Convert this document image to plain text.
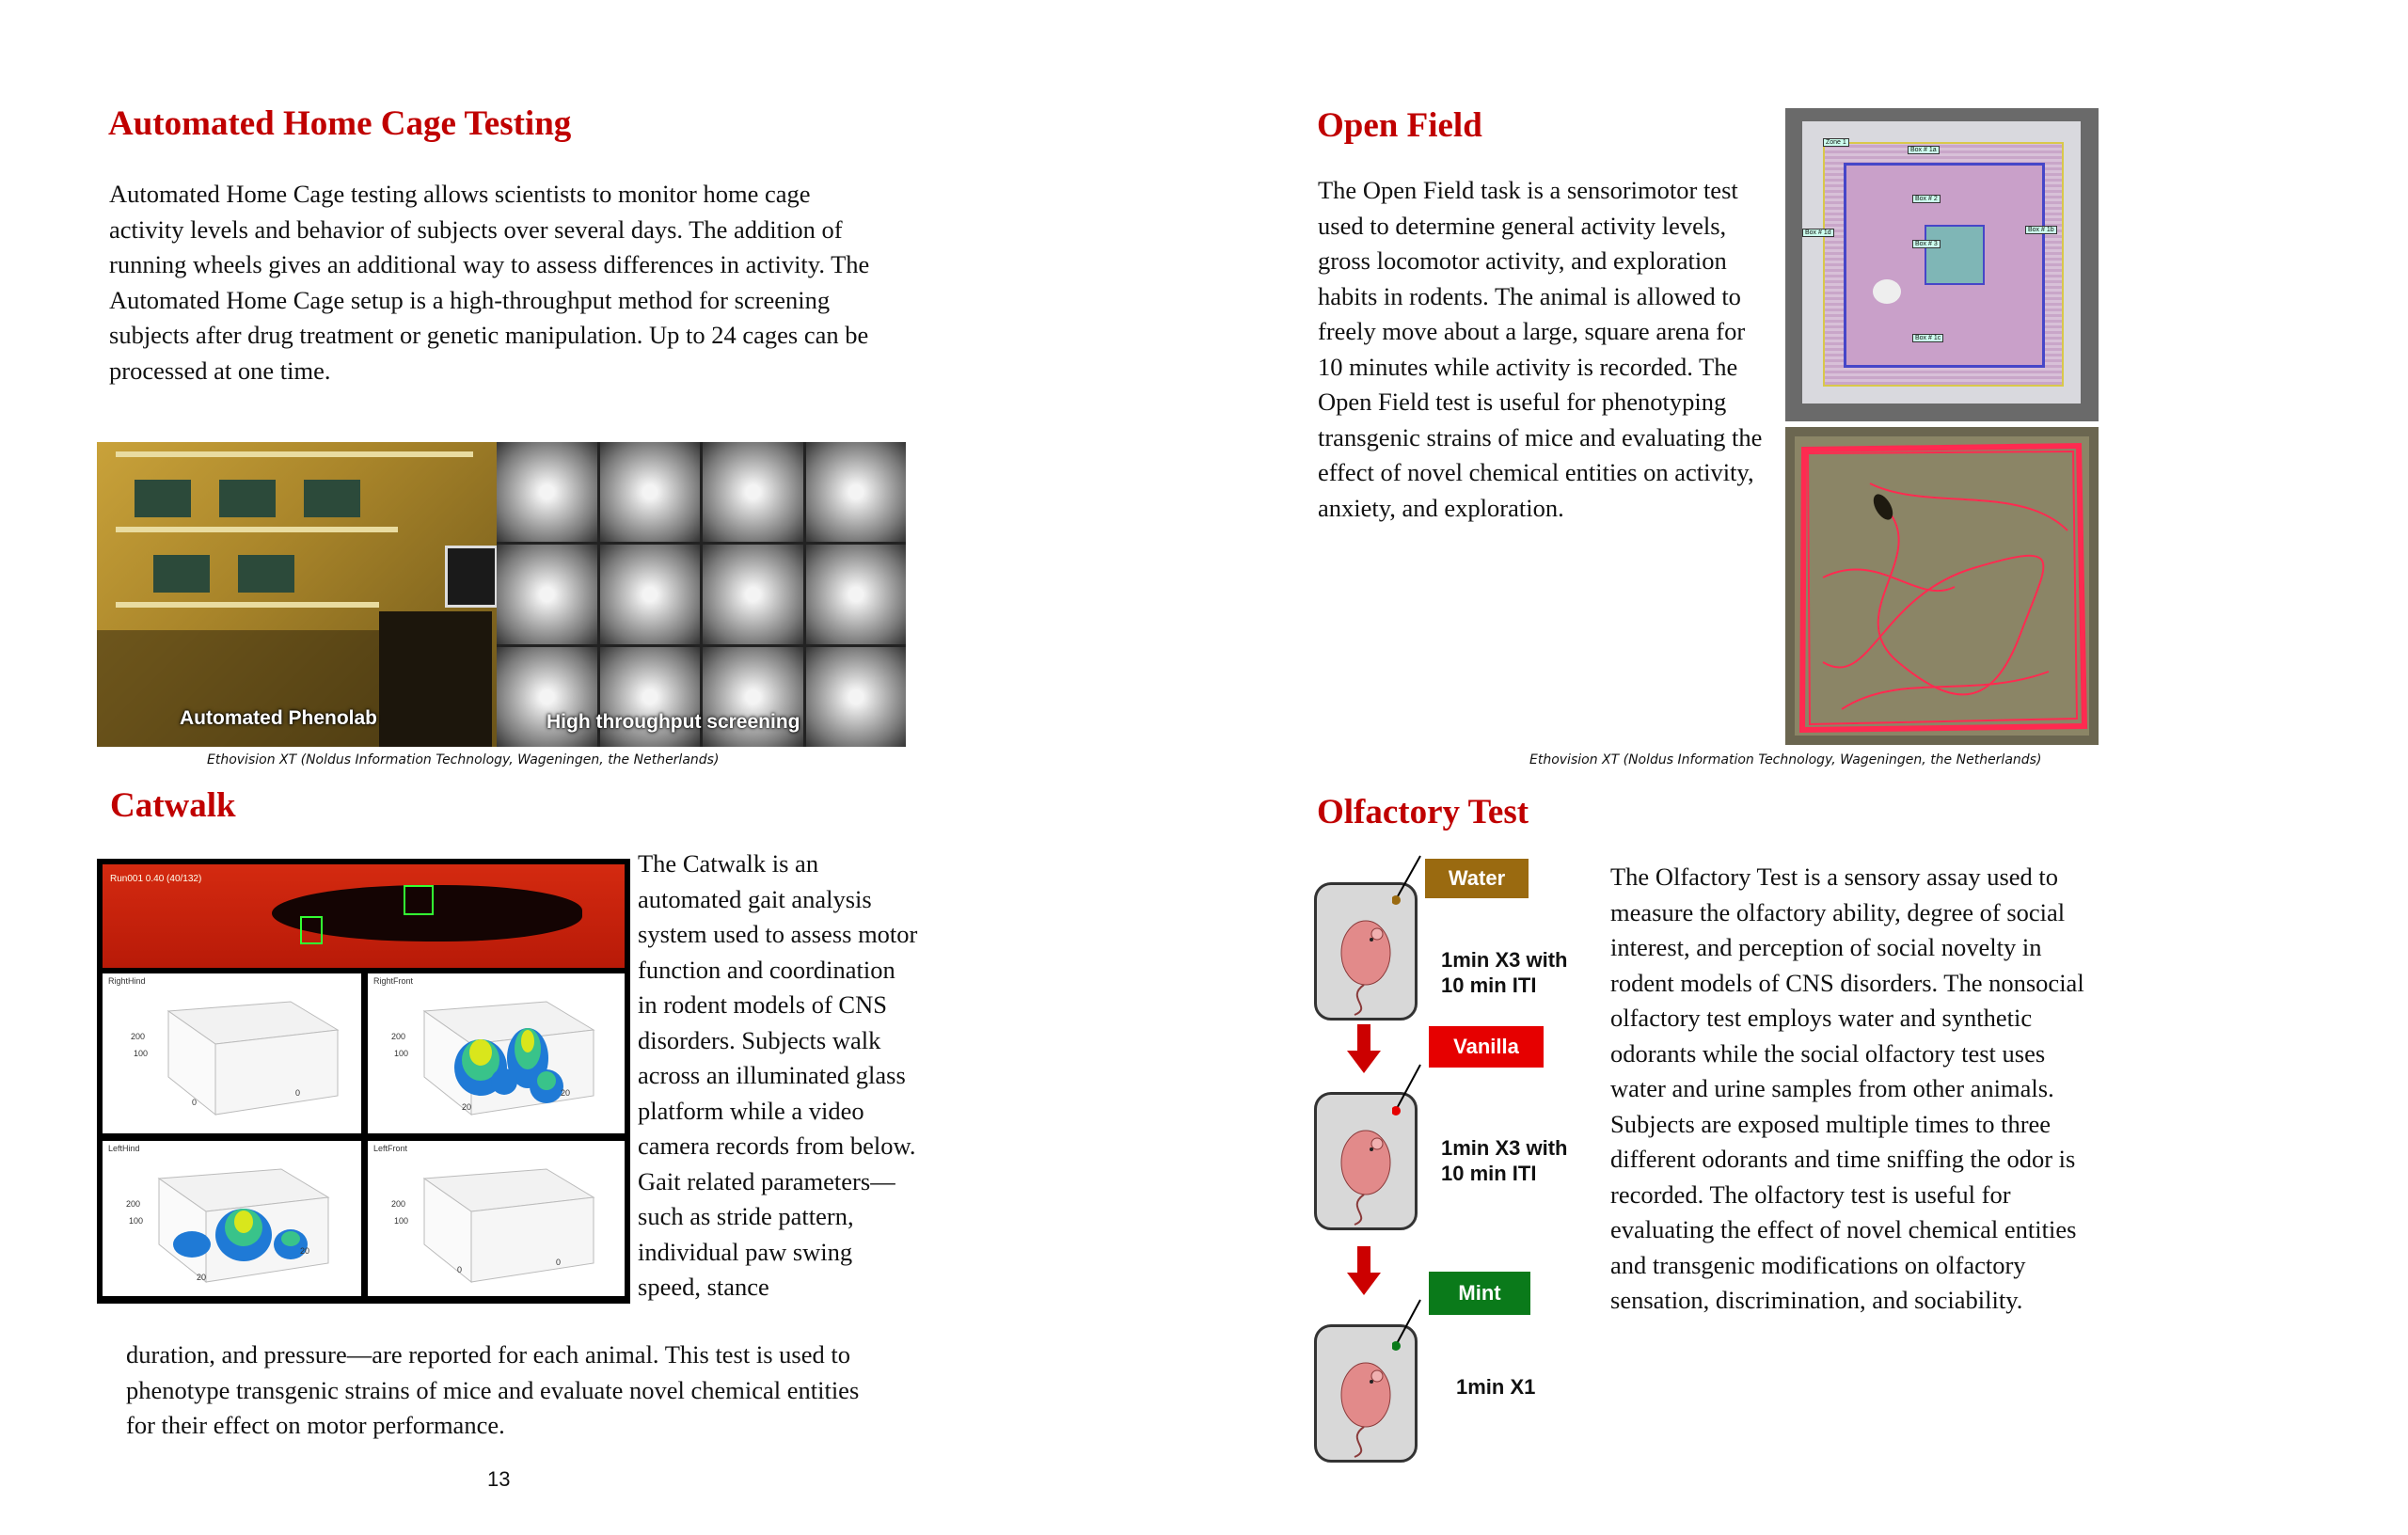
Automated Home Cage Testing
Automated Home Cage testing allows scientists to monitor home cage activity levels and behavior of subjects over several days. The addition of running wheels gives an additional way to assess differences in activity. The Automated Home Cage setup is a high-throughput method for screening subjects after drug treatment or genetic manipulation. Up to 24 cages can be processed at one time.
Automated Phenolab	High throughput screening
Ethovision XT (Noldus Information Technology, Wageningen, the Netherlands)
Catwalk
Run001 0.40 (40/132)
RightHind
200
100
0
0
RightFront
200
100
20
20
LeftHind
200
100
20
20
LeftFront
200
100
0
0
The Catwalk is an automated gait analysis system used to assess motor function and coordination in rodent models of CNS disorders. Subjects walk across an illuminated glass platform while a video camera records from below. Gait related parameters—such as stride pattern, individual paw swing speed, stance
duration, and pressure—are reported for each animal. This test is used to phenotype transgenic strains of mice and evaluate novel chemical entities for their effect on motor performance.
13
Open Field
The Open Field task is a sensorimotor test used to determine general activity levels, gross locomotor activity, and exploration habits in rodents. The animal is allowed to freely move about a large, square arena for 10 minutes while activity is recorded. The Open Field test is useful for phenotyping transgenic strains of mice and evaluating the effect of novel chemical entities on activity, anxiety, and exploration.
Zone 1
Box # 1a
Box # 2
Box # 1d
Box # 3
Box # 1b
Box # 1c
Ethovision XT (Noldus Information Technology, Wageningen, the Netherlands)
Olfactory Test
The Olfactory Test is a sensory assay used to measure the olfactory ability, degree of social interest, and perception of social novelty in rodent models of CNS disorders. The nonsocial olfactory test employs water and synthetic odorants while the social olfactory test uses water and urine samples from other animals. Subjects are exposed multiple times to three different odorants and time sniffing the odor is recorded. The olfactory test is useful for evaluating the effect of novel chemical entities and transgenic modifications on olfactory sensation, discrimination, and sociability.
Water
1min X3 with
10 min ITI
Vanilla
1min X3 with
10 min ITI
Mint
1min X1
